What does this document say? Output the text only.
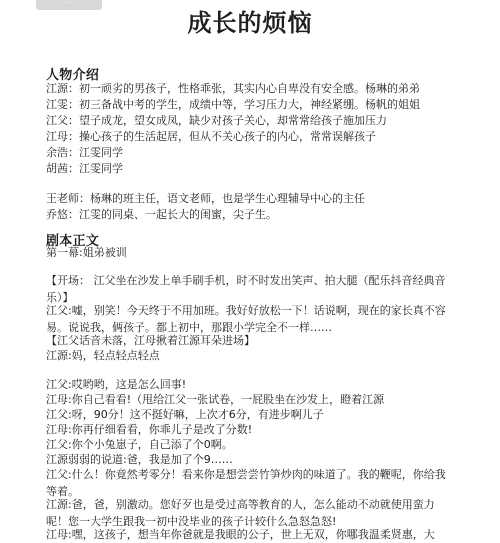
···
成长的烦恼
人物介绍
江源：初一顽劣的男孩子，性格乖张，其实内心自卑没有安全感。杨琳的弟弟
江雯：初三备战中考的学生，成绩中等，学习压力大，神经紧绷。杨帆的姐姐
江父：望子成龙，望女成凤，缺少对孩子关心，却常常给孩子施加压力
江母：操心孩子的生活起居，但从不关心孩子的内心，常常误解孩子
余浩：江雯同学
胡茜：江雯同学
王老师：杨琳的班主任，语文老师，也是学生心理辅导中心的主任
乔悠：江雯的同桌、一起长大的闺蜜，尖子生。
剧本正文
第一幕:姐弟被训
【开场： 江父坐在沙发上单手刷手机，时不时发出笑声、拍大腿（配乐抖音经典音乐）】
江父:嘘，别笑！今天终于不用加班。我好好放松一下！话说啊，现在的家长真不容易。说说我，俩孩子。都上初中，那跟小学完全不一样……
【江父话音未落，江母揪着江源耳朵进场】
江源:妈，轻点轻点轻点
江父:哎哟哟，这是怎么回事!
江母:你自己看看!（甩给江父一张试卷，一屁股坐在沙发上，瞪着江源
江父:呀，90分！这不挺好嘛，上次才6分，有进步啊儿子
江母:你再仔细看看，你乖儿子是改了分数!
江父:你个小兔崽子，自己添了个0啊。
江源弱弱的说道:爸，我是加了个9……
江父:什么！你竟然考零分！看来你是想尝尝竹笋炒肉的味道了。我的鞭呢，你给我等着。
江源:爸，爸，别激动。您好歹也是受过高等教育的人，怎么能动不动就使用蛮力呢！您一大学生跟我一初中没毕业的孩子计较什么急怒急怒!
江母:嘿，这孩子，想当年你爸就是我眼的公子，世上无双，你哪我温柔贤惠，大
